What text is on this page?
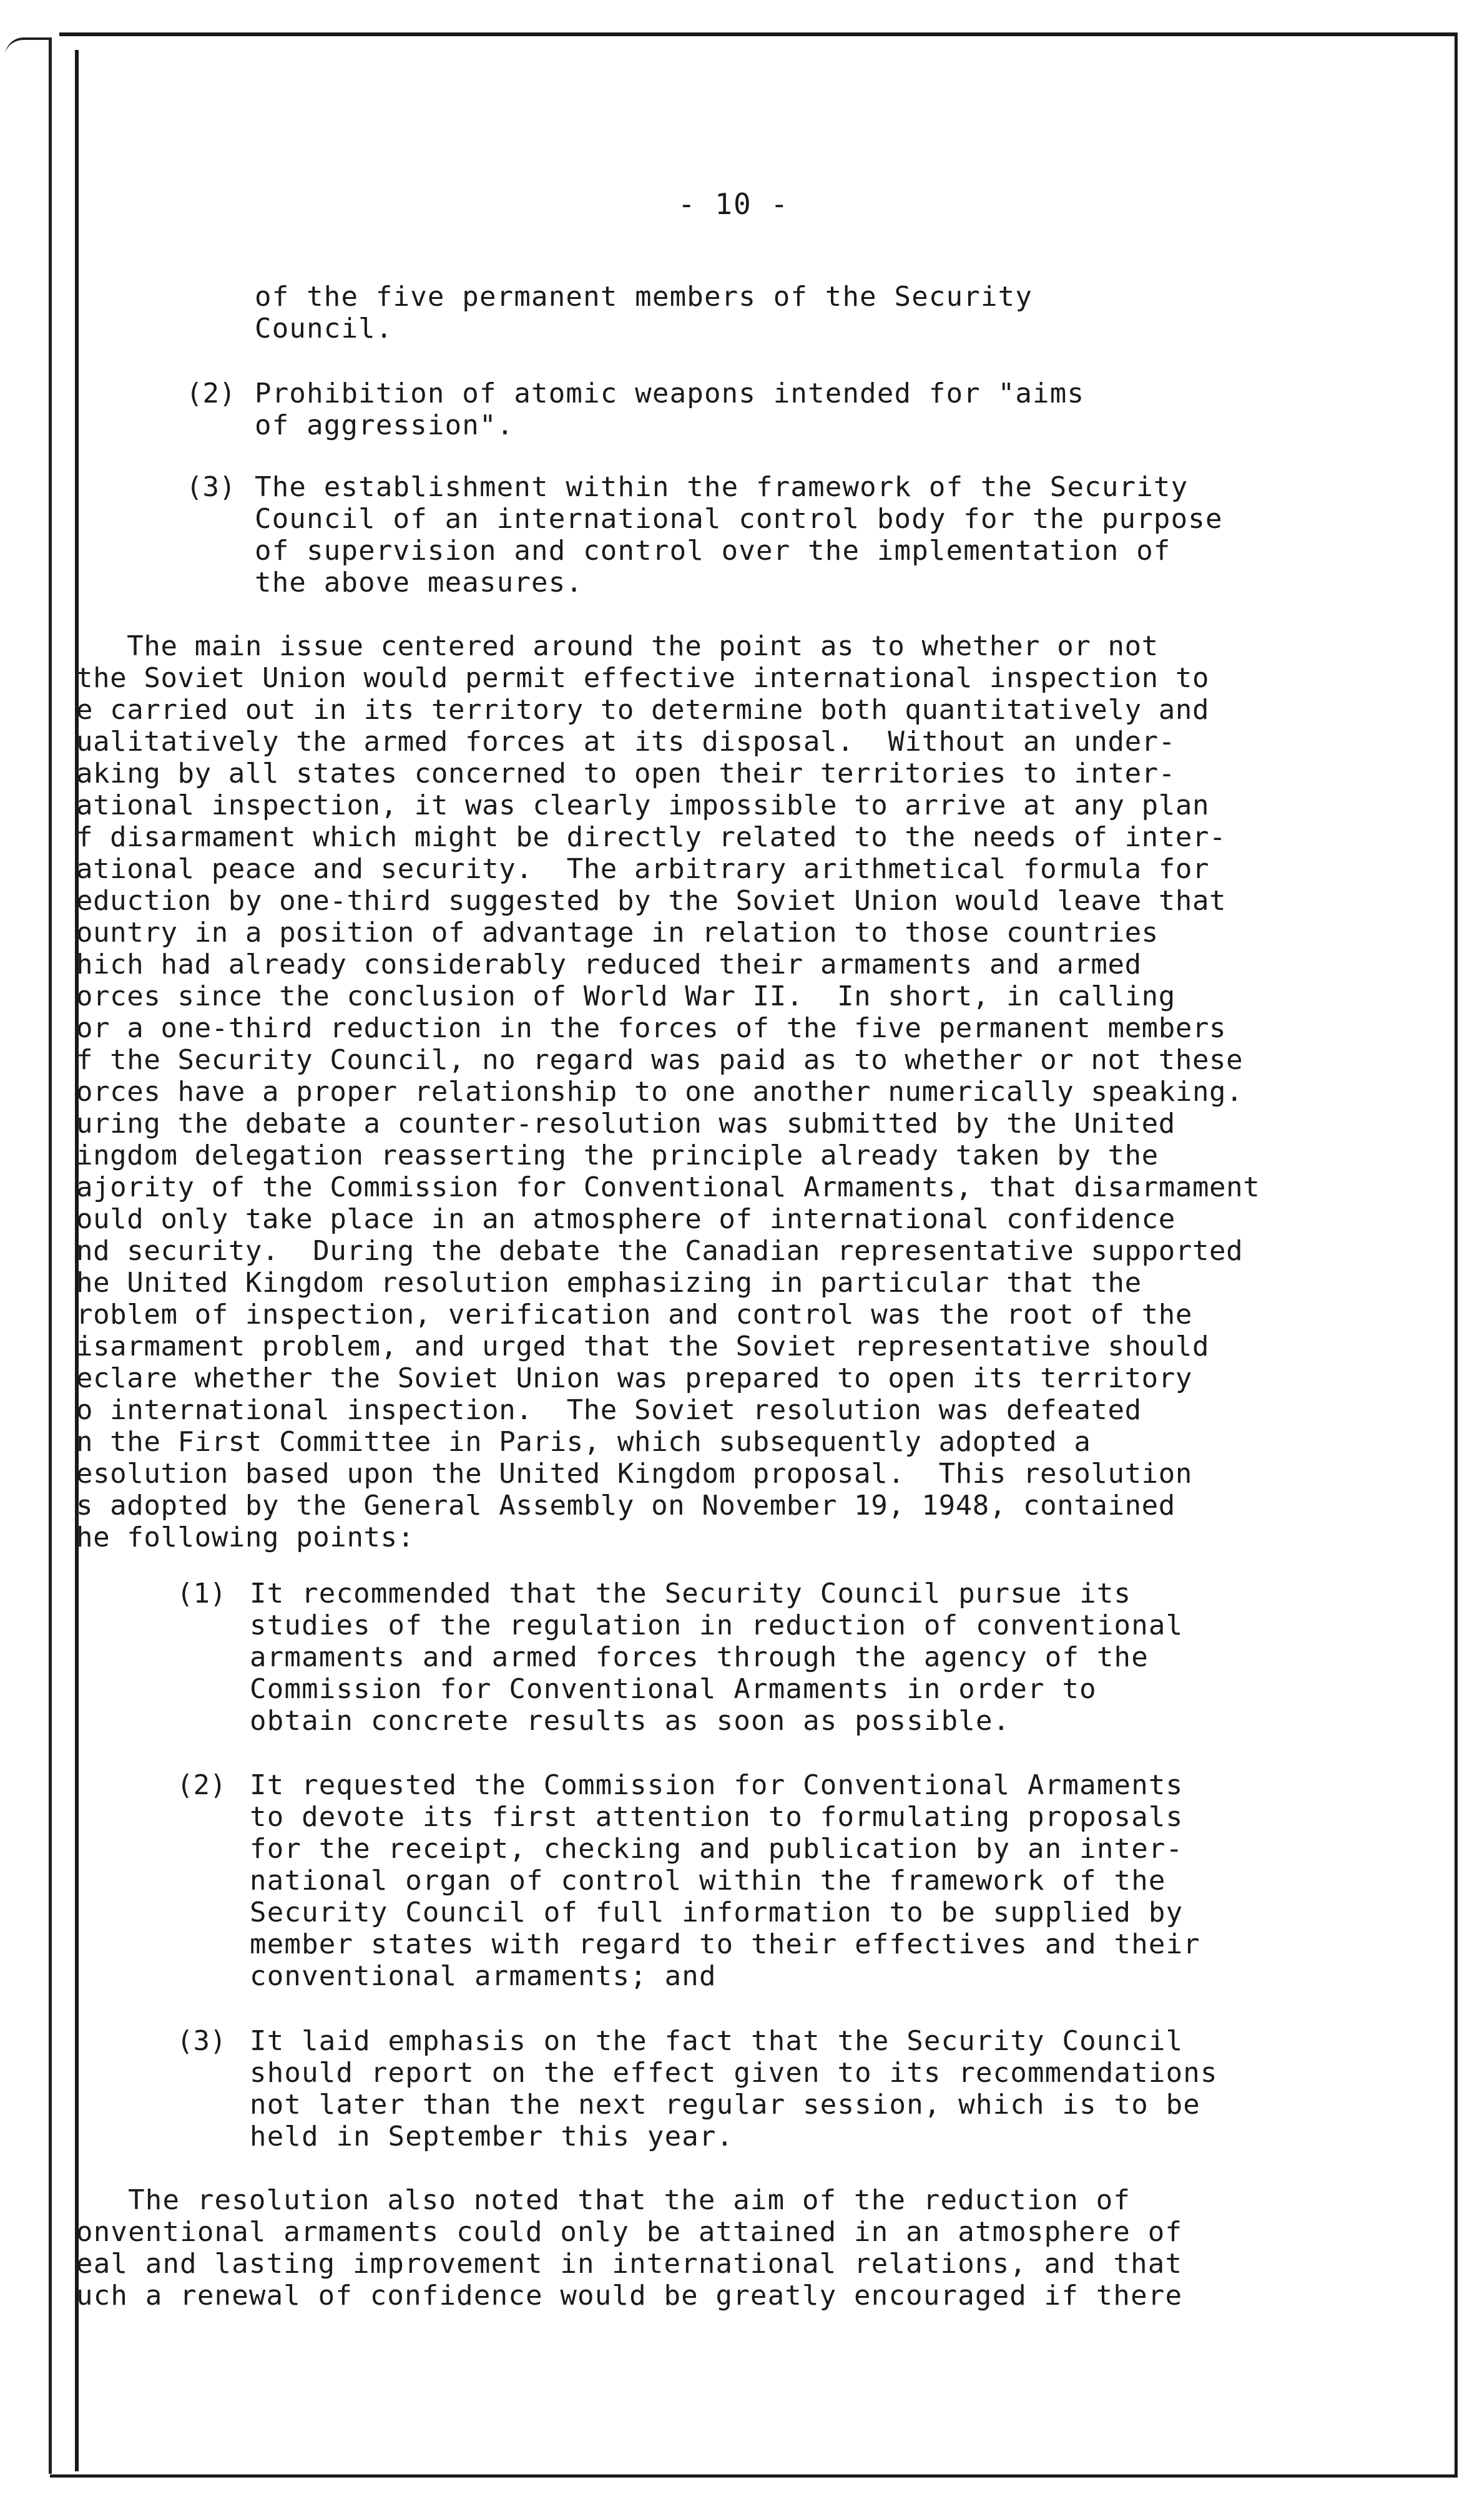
- 10 -
of the five permanent members of the Security
Council.
(2) Prohibition of atomic weapons intended for "aims
of aggression".
(3) The establishment within the framework of the Security
Council of an international control body for the purpose
of supervision and control over the implementation of
the above measures.
The main issue centered around the point as to whether or not
the Soviet Union would permit effective international inspection to
e carried out in its territory to determine both quantitatively and
ualitatively the armed forces at its disposal.  Without an under-
aking by all states concerned to open their territories to inter-
ational inspection, it was clearly impossible to arrive at any plan
f disarmament which might be directly related to the needs of inter-
ational peace and security.  The arbitrary arithmetical formula for
eduction by one-third suggested by the Soviet Union would leave that
ountry in a position of advantage in relation to those countries
hich had already considerably reduced their armaments and armed
orces since the conclusion of World War II.  In short, in calling
or a one-third reduction in the forces of the five permanent members
f the Security Council, no regard was paid as to whether or not these
orces have a proper relationship to one another numerically speaking.
uring the debate a counter-resolution was submitted by the United
ingdom delegation reasserting the principle already taken by the
ajority of the Commission for Conventional Armaments, that disarmament
ould only take place in an atmosphere of international confidence
nd security.  During the debate the Canadian representative supported
he United Kingdom resolution emphasizing in particular that the
roblem of inspection, verification and control was the root of the
isarmament problem, and urged that the Soviet representative should
eclare whether the Soviet Union was prepared to open its territory
o international inspection.  The Soviet resolution was defeated
n the First Committee in Paris, which subsequently adopted a
esolution based upon the United Kingdom proposal.  This resolution
s adopted by the General Assembly on November 19, 1948, contained
he following points:
(1) It recommended that the Security Council pursue its
studies of the regulation in reduction of conventional
armaments and armed forces through the agency of the
Commission for Conventional Armaments in order to
obtain concrete results as soon as possible.
(2) It requested the Commission for Conventional Armaments
to devote its first attention to formulating proposals
for the receipt, checking and publication by an inter-
national organ of control within the framework of the
Security Council of full information to be supplied by
member states with regard to their effectives and their
conventional armaments; and
(3) It laid emphasis on the fact that the Security Council
should report on the effect given to its recommendations
not later than the next regular session, which is to be
held in September this year.
The resolution also noted that the aim of the reduction of
onventional armaments could only be attained in an atmosphere of
eal and lasting improvement in international relations, and that
uch a renewal of confidence would be greatly encouraged if there
